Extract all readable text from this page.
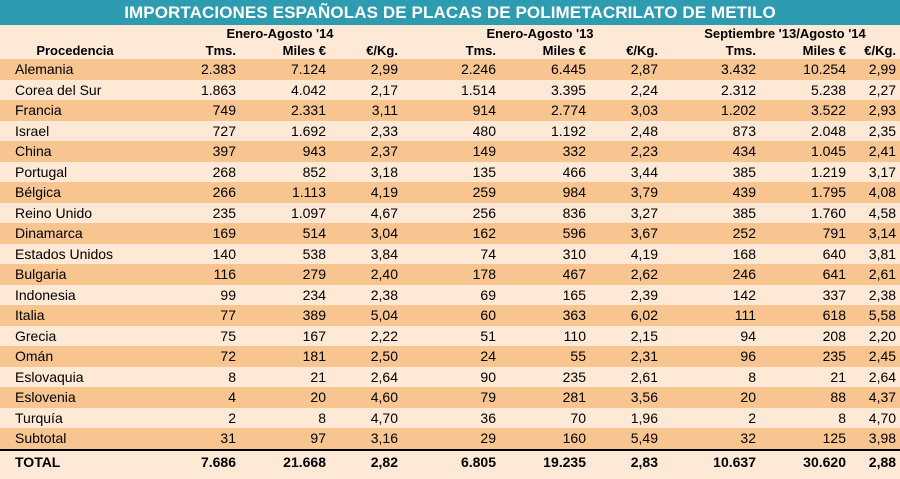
IMPORTACIONES ESPAÑOLAS DE PLACAS DE POLIMETACRILATO DE METILO
	Enero-Agosto '14			Enero-Agosto '13			Septiembre '13/Agosto '14		
Procedencia	Tms.	Miles €	€/Kg.	Tms.	Miles €	€/Kg.	Tms.	Miles €	€/Kg.
Alemania	2.383	7.124	2,99	2.246	6.445	2,87	3.432	10.254	2,99
Corea del Sur	1.863	4.042	2,17	1.514	3.395	2,24	2.312	5.238	2,27
Francia	749	2.331	3,11	914	2.774	3,03	1.202	3.522	2,93
Israel	727	1.692	2,33	480	1.192	2,48	873	2.048	2,35
China	397	943	2,37	149	332	2,23	434	1.045	2,41
Portugal	268	852	3,18	135	466	3,44	385	1.219	3,17
Bélgica	266	1.113	4,19	259	984	3,79	439	1.795	4,08
Reino Unido	235	1.097	4,67	256	836	3,27	385	1.760	4,58
Dinamarca	169	514	3,04	162	596	3,67	252	791	3,14
Estados Unidos	140	538	3,84	74	310	4,19	168	640	3,81
Bulgaria	116	279	2,40	178	467	2,62	246	641	2,61
Indonesia	99	234	2,38	69	165	2,39	142	337	2,38
Italia	77	389	5,04	60	363	6,02	111	618	5,58
Grecia	75	167	2,22	51	110	2,15	94	208	2,20
Omán	72	181	2,50	24	55	2,31	96	235	2,45
Eslovaquia	8	21	2,64	90	235	2,61	8	21	2,64
Eslovenia	4	20	4,60	79	281	3,56	20	88	4,37
Turquía	2	8	4,70	36	70	1,96	2	8	4,70
Subtotal	31	97	3,16	29	160	5,49	32	125	3,98
TOTAL	7.686	21.668	2,82	6.805	19.235	2,83	10.637	30.620	2,88
